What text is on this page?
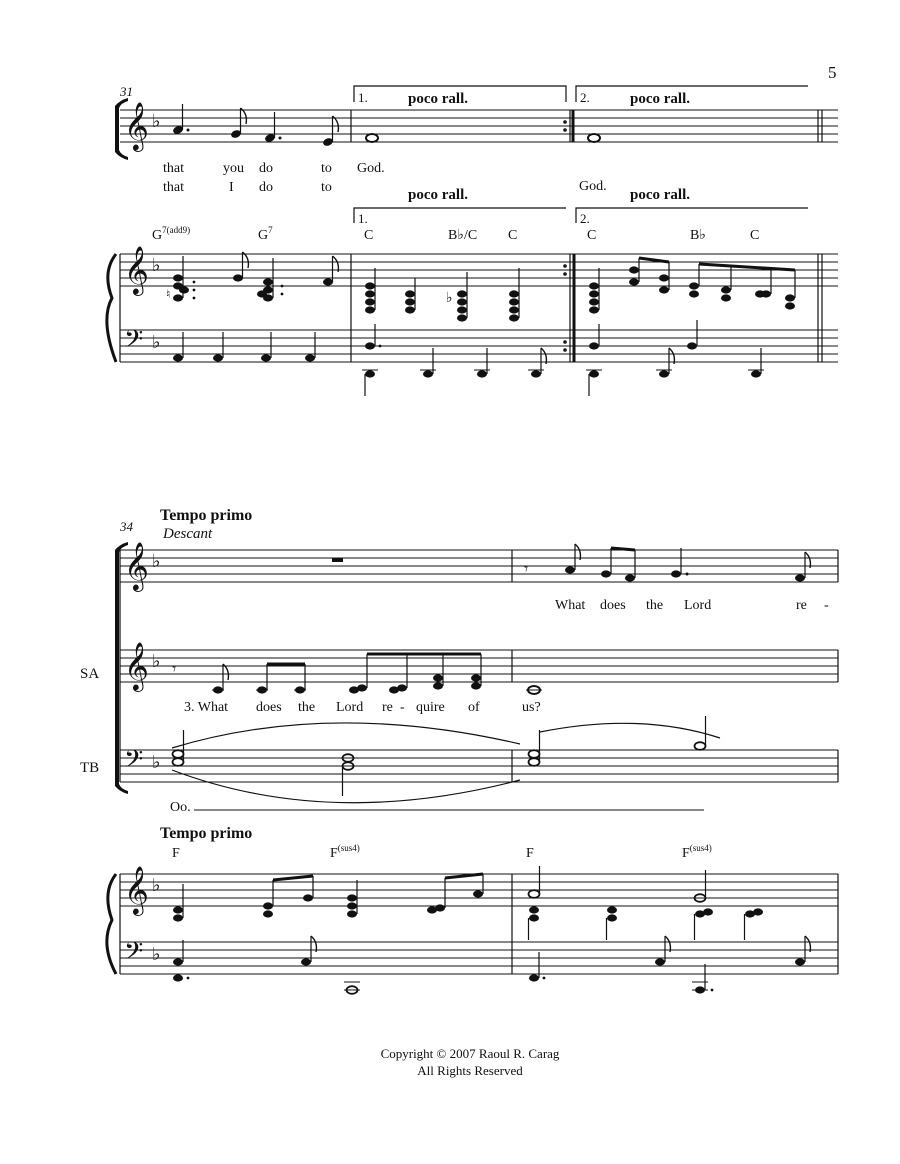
5
31
𝄞 ♭
1.	2.
poco rall.	poco rall.
that	you do	to God.
that	I do	to	God.
1.	2.
poco rall.	poco rall.
$G^{7(add9)}$	$G^7$	C	B♭/C C	C	B♭	C
𝄞 ♭
𝄢 ♭
♮	♭
Tempo primo
34 Descant
𝄞 ♭	𝄾
What does the Lord	re -
SA 𝄞 ♭ 𝄾
3. What does the Lord re - quire of	us?
TB 𝄢 ♭
Oo.
Tempo primo
F	$F^{(sus4)}$	F	$F^{(sus4)}$
𝄞 ♭
𝄢 ♭
Copyright © 2007 Raoul R. Carag
All Rights Reserved
